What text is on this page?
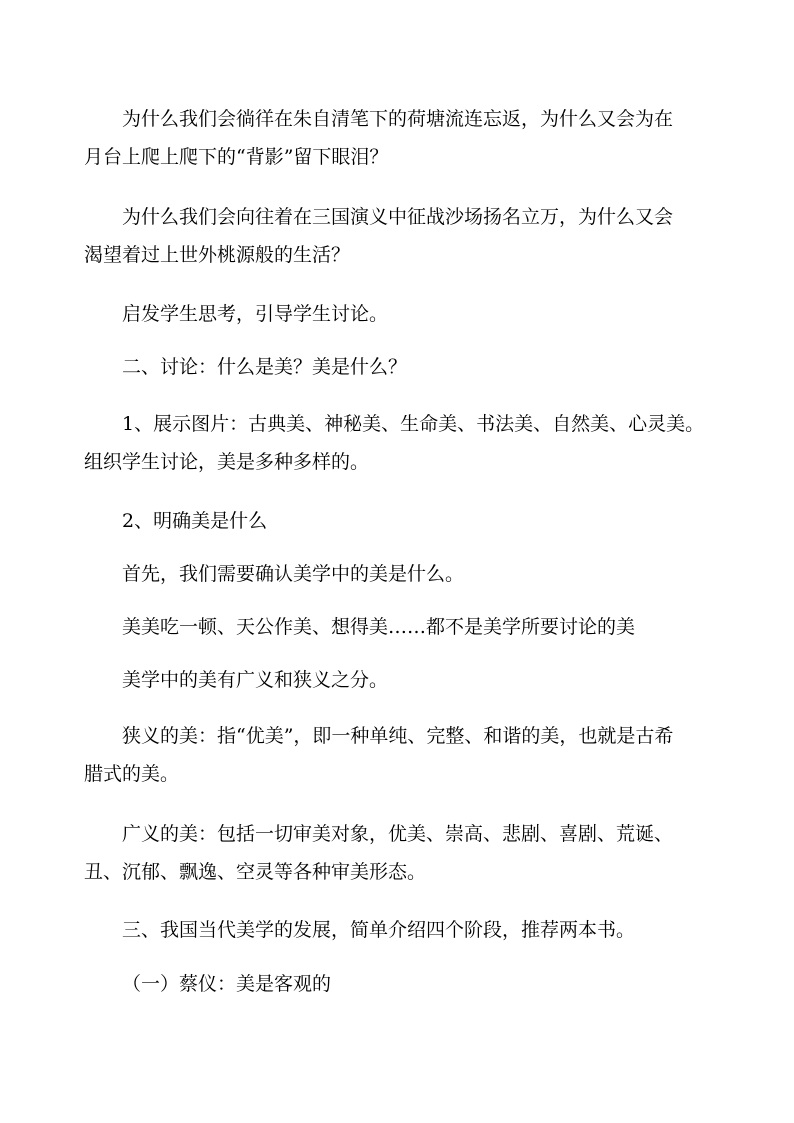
为什么我们会徜徉在朱自清笔下的荷塘流连忘返，为什么又会为在
月台上爬上爬下的“背影”留下眼泪？

为什么我们会向往着在三国演义中征战沙场扬名立万，为什么又会
渴望着过上世外桃源般的生活？

启发学生思考，引导学生讨论。

二、讨论：什么是美？美是什么？

1、展示图片：古典美、神秘美、生命美、书法美、自然美、心灵美。
组织学生讨论，美是多种多样的。

2、明确美是什么

首先，我们需要确认美学中的美是什么。

美美吃一顿、天公作美、想得美……都不是美学所要讨论的美

美学中的美有广义和狭义之分。

狭义的美：指“优美”，即一种单纯、完整、和谐的美，也就是古希
腊式的美。

广义的美：包括一切审美对象，优美、崇高、悲剧、喜剧、荒诞、
丑、沉郁、飘逸、空灵等各种审美形态。

三、我国当代美学的发展，简单介绍四个阶段，推荐两本书。

（一）蔡仪：美是客观的
